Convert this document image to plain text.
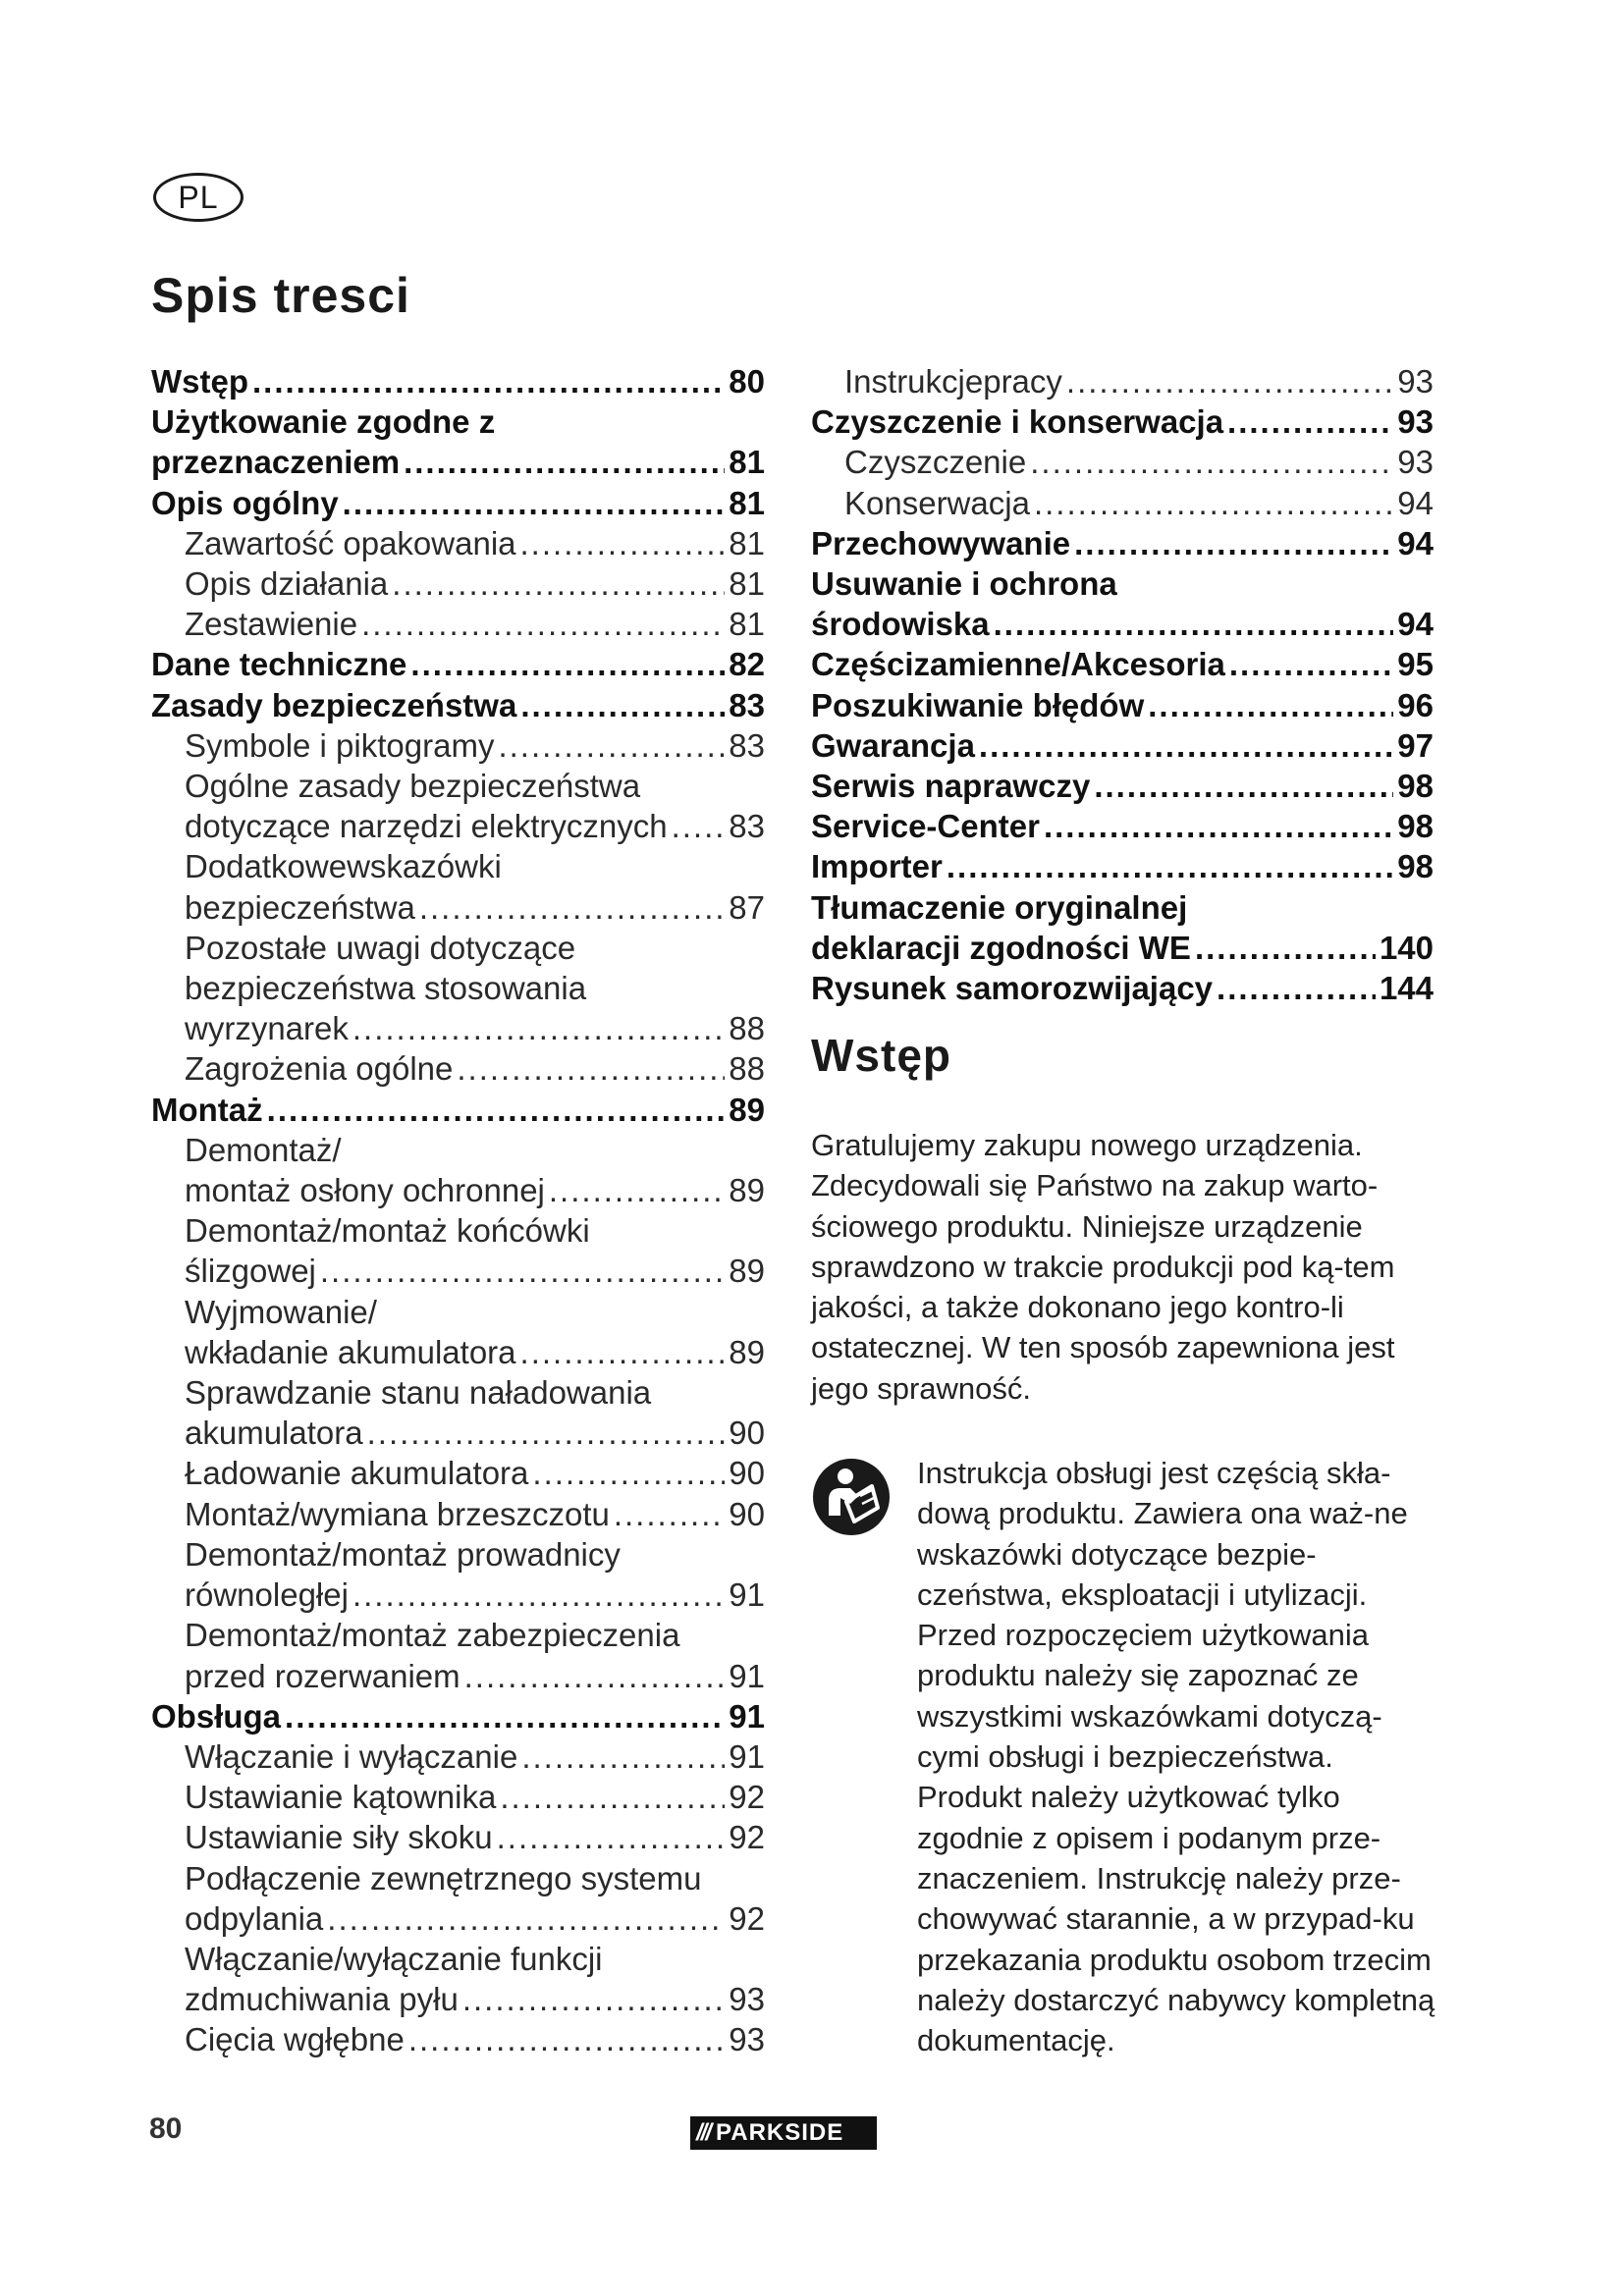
PL
Spis tresci
Wstęp .....	80
Użytkowanie zgodne z
przeznaczeniem .....	81
Opis ogólny .....	81
Zawartość opakowania .....	81
Opis działania .....	81
Zestawienie .....	81
Dane techniczne .....	82
Zasady bezpieczeństwa .....	83
Symbole i piktogramy .....	83
Ogólne zasady bezpieczeństwa
dotyczące narzędzi elektrycznych ..... 83
Dodatkowewskazówki
bezpieczeństwa .....	87
Pozostałe uwagi dotyczące
bezpieczeństwa stosowania
wyrzynarek .....	88
Zagrożenia ogólne .....	88
Montaż .....	89
Demontaż/
montaż osłony ochronnej .....	89
Demontaż/montaż końcówki
ślizgowej .....	89
Wyjmowanie/
wkładanie akumulatora .....	89
Sprawdzanie stanu naładowania
akumulatora .....	90
Ładowanie akumulatora .....	90
Montaż/wymiana brzeszczotu .....	90
Demontaż/montaż prowadnicy
równoległej .....	91
Demontaż/montaż zabezpieczenia
przed rozerwaniem .....	91
Obsługa .....	91
Włączanie i wyłączanie .....	91
Ustawianie kątownika .....	92
Ustawianie siły skoku .....	92
Podłączenie zewnętrznego systemu
odpylania .....	92
Włączanie/wyłączanie funkcji
zdmuchiwania pyłu .....	93
Cięcia wgłębne .....	93
Instrukcjepracy .....	93
Czyszczenie i konserwacja .....	93
Czyszczenie .....	93
Konserwacja .....	94
Przechowywanie .....	94
Usuwanie i ochrona
środowiska .....	94
Częścizamienne/Akcesoria .....	95
Poszukiwanie błędów .....	96
Gwarancja .....	97
Serwis naprawczy .....	98
Service-Center .....	98
Importer .....	98
Tłumaczenie oryginalnej
deklaracji zgodności WE .....	140
Rysunek samorozwijający .....	144
Wstęp

Gratulujemy zakupu nowego urządzenia. Zdecydowali się Państwo na zakup warto-ściowego produktu. Niniejsze urządzenie sprawdzono w trakcie produkcji pod ką-tem jakości, a także dokonano jego kontro-li ostatecznej. W ten sposób zapewniona jest jego sprawność.

Instrukcja obsługi jest częścią skła-dową produktu. Zawiera ona waż-ne wskazówki dotyczące bezpie-czeństwa, eksploatacji i utylizacji. Przed rozpoczęciem użytkowania produktu należy się zapoznać ze wszystkimi wskazówkami dotyczą-cymi obsługi i bezpieczeństwa. Produkt należy użytkować tylko zgodnie z opisem i podanym prze-znaczeniem. Instrukcję należy prze-chowywać starannie, a w przypad-ku przekazania produktu osobom trzecim należy dostarczyć nabywcy kompletną dokumentację.

80	/// PARKSIDE
